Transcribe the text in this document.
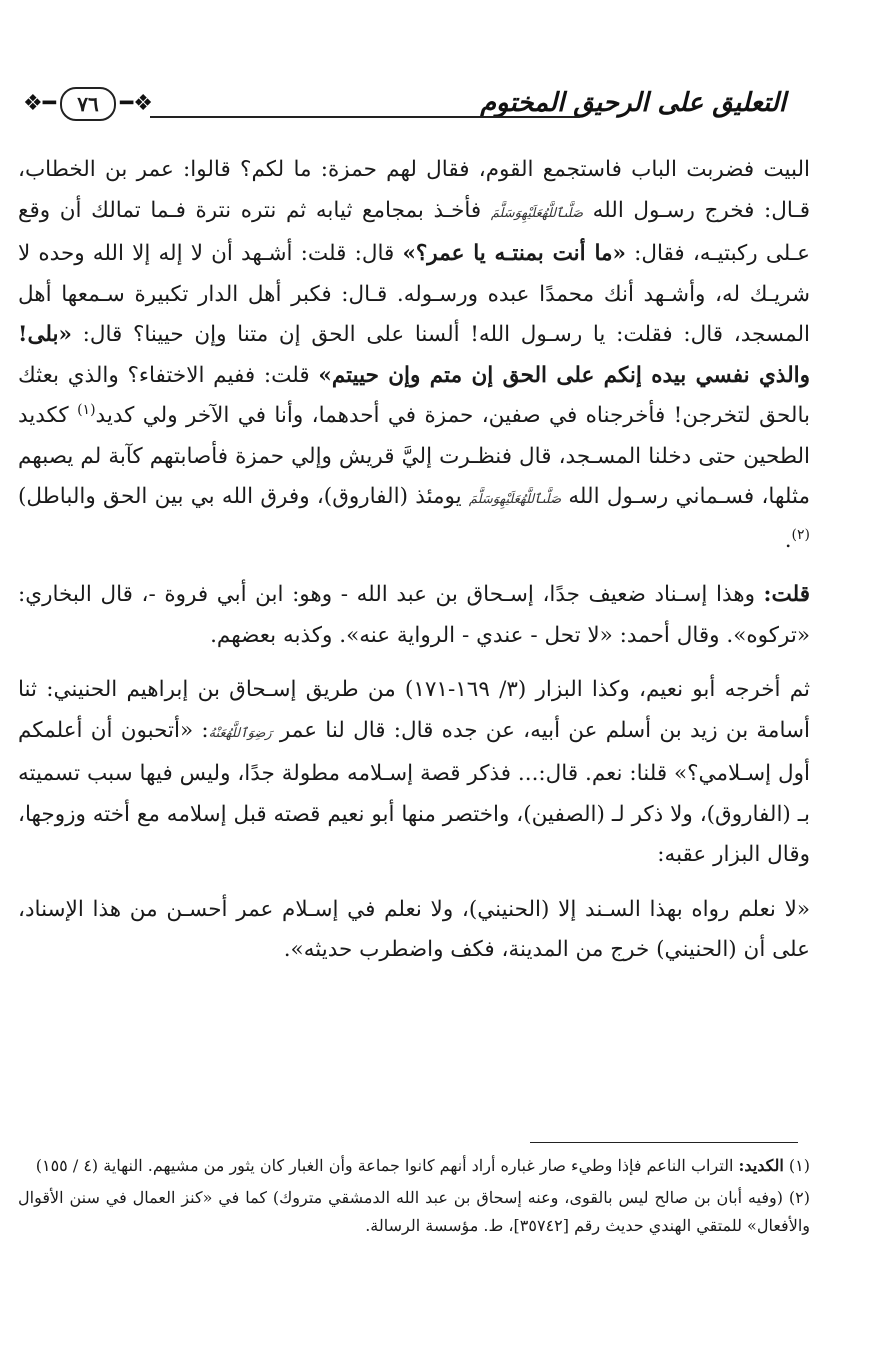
التعليق على الرحيق المختوم
❖ ━	٧٦ ━ ❖

البيت فضربت الباب فاستجمع القوم، فقال لهم حمزة: ما لكم؟ قالوا: عمر بن الخطاب، قـال: فخرج رسـول الله صَلَّىٱللَّهُعَلَيْهِوَسَلَّمَ فأخـذ بمجامع ثيابه ثم نتره نترة فـما تمالك أن وقع عـلى ركبتيـه، فقال: «ما أنت بمنتـه يا عمر؟» قال: قلت: أشـهد أن لا إله إلا الله وحده لا شريـك له، وأشـهد أنك محمدًا عبده ورسـوله. قـال: فكبر أهل الدار تكبيرة سـمعها أهل المسجد، قال: فقلت: يا رسـول الله! ألسنا على الحق إن متنا وإن حيينا؟ قال: «بلى! والذي نفسي بيده إنكم على الحق إن متم وإن حييتم» قلت: ففيم الاختفاء؟ والذي بعثك بالحق لتخرجن! فأخرجناه في صفين، حمزة في أحدهما، وأنا في الآخر ولي كديد$^{(١)}$ ككديد الطحين حتى دخلنا المسـجد، قال فنظـرت إليَّ قريش وإلي حمزة فأصابتهم كآبة لم يصبهم مثلها، فسـماني رسـول الله صَلَّىٱللَّهُعَلَيْهِوَسَلَّمَ يومئذ (الفاروق)، وفرق الله بي بين الحق والباطل)$^{(٢)}$.

قلت: وهذا إسـناد ضعيف جدًا، إسـحاق بن عبد الله - وهو: ابن أبي فروة -، قال البخاري: «تركوه». وقال أحمد: «لا تحل - عندي - الرواية عنه». وكذبه بعضهم.

ثم أخرجه أبو نعيم، وكذا البزار (٣/ ١٦٩-١٧١) من طريق إسـحاق بن إبراهيم الحنيني: ثنا أسامة بن زيد بن أسلم عن أبيه، عن جده قال: قال لنا عمر رَضِوَٱللَّهُعَنْهُ: «أتحبون أن أعلمكم أول إسـلامي؟» قلنا: نعم. قال:... فذكر قصة إسـلامه مطولة جدًا، وليس فيها سبب تسميته بـ (الفاروق)، ولا ذكر لـ (الصفين)، واختصر منها أبو نعيم قصته قبل إسلامه مع أخته وزوجها، وقال البزار عقبه:

«لا نعلم رواه بهذا السـند إلا (الحنيني)، ولا نعلم في إسـلام عمر أحسـن من هذا الإسناد، على أن (الحنيني) خرج من المدينة، فكف واضطرب حديثه».

(١) الكديد: التراب الناعم فإذا وطيء صار غباره أراد أنهم كانوا جماعة وأن الغبار كان يثور من مشيهم. النهاية (٤ / ١٥٥)

(٢) (وفيه أبان بن صالح ليس بالقوى، وعنه إسحاق بن عبد الله الدمشقي متروك) كما في «كنز العمال في سنن الأقوال والأفعال» للمتقي الهندي حديث رقم [٣٥٧٤٢]، ط. مؤسسة الرسالة.
